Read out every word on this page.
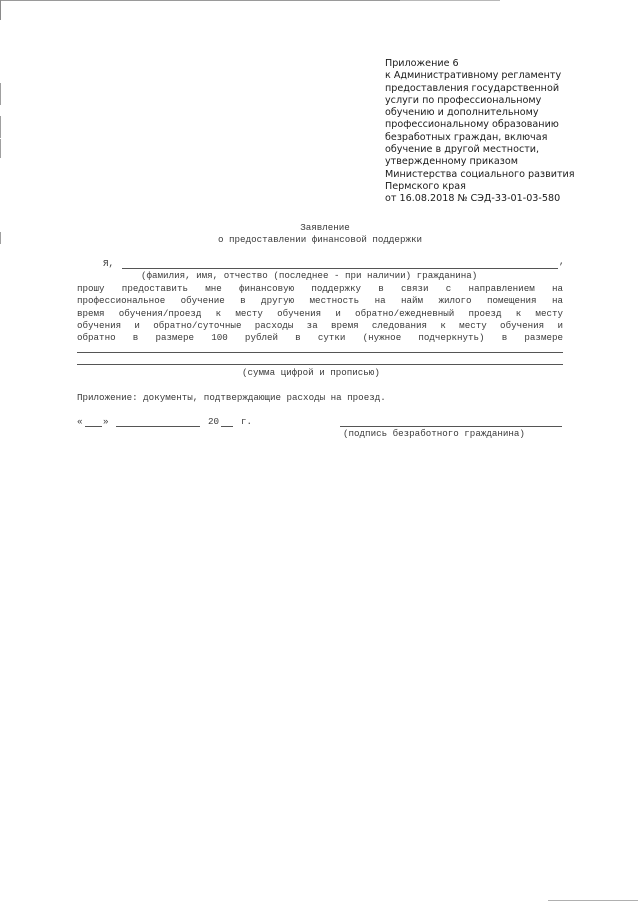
Приложение 6
к Административному регламенту
предоставления государственной
услуги по профессиональному
обучению и дополнительному
профессиональному образованию
безработных граждан, включая
обучение в другой местности,
утвержденному приказом
Министерства социального развития
Пермского края
от 16.08.2018 № СЭД-33-01-03-580
Заявление
о предоставлении финансовой поддержки
Я,	,
(фамилия, имя, отчество (последнее - при наличии) гражданина)
прошу предоставить мне финансовую поддержку в связи с направлением на
профессиональное обучение в другую местность на найм жилого помещения на
время обучения/проезд к месту обучения и обратно/ежедневный проезд к месту
обучения и обратно/суточные расходы за время следования к месту обучения и
обратно в размере 100 рублей в сутки (нужное подчеркнуть) в размере
(сумма цифрой и прописью)
Приложение: документы, подтверждающие расходы на проезд.
« »	20 г.
(подпись безработного гражданина)
